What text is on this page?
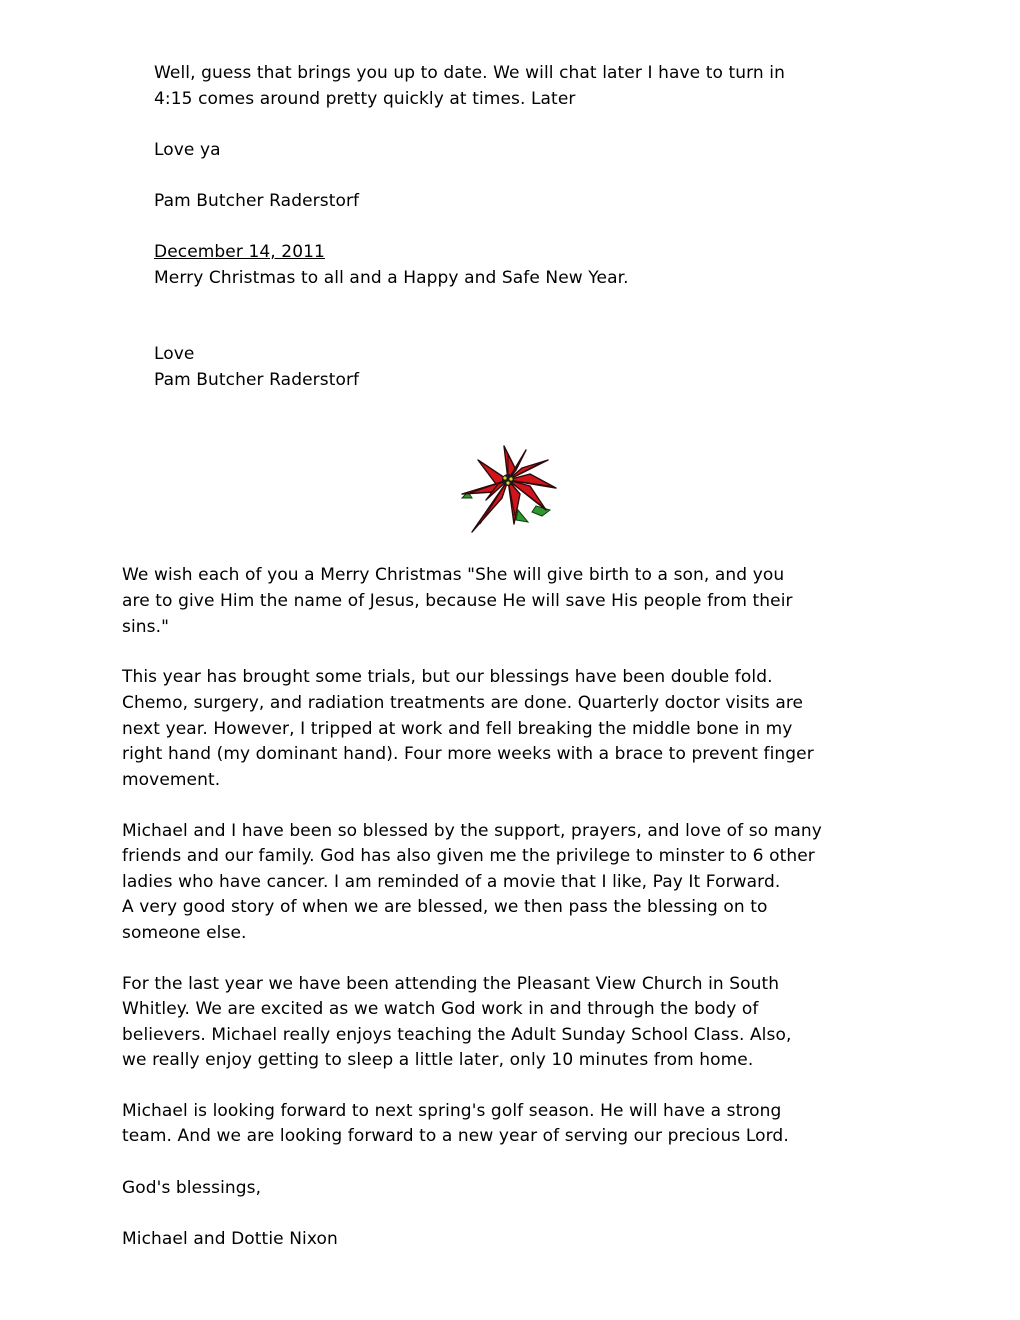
Well, guess that brings you up to date. We will chat later I have to turn in
4:15 comes around pretty quickly at times. Later
Love ya
Pam Butcher Raderstorf
December 14, 2011
Merry Christmas to all and a Happy and Safe New Year.
Love
Pam Butcher Raderstorf
We wish each of you a Merry Christmas "She will give birth to a son, and you
are to give Him the name of Jesus, because He will save His people from their
sins."
This year has brought some trials, but our blessings have been double fold.
Chemo, surgery, and radiation treatments are done. Quarterly doctor visits are
next year. However, I tripped at work and fell breaking the middle bone in my
right hand (my dominant hand). Four more weeks with a brace to prevent finger
movement.
Michael and I have been so blessed by the support, prayers, and love of so many
friends and our family. God has also given me the privilege to minster to 6 other
ladies who have cancer. I am reminded of a movie that I like, Pay It Forward.
A very good story of when we are blessed, we then pass the blessing on to
someone else.
For the last year we have been attending the Pleasant View Church in South
Whitley. We are excited as we watch God work in and through the body of
believers. Michael really enjoys teaching the Adult Sunday School Class. Also,
we really enjoy getting to sleep a little later, only 10 minutes from home.
Michael is looking forward to next spring's golf season. He will have a strong
team. And we are looking forward to a new year of serving our precious Lord.
God's blessings,
Michael and Dottie Nixon
